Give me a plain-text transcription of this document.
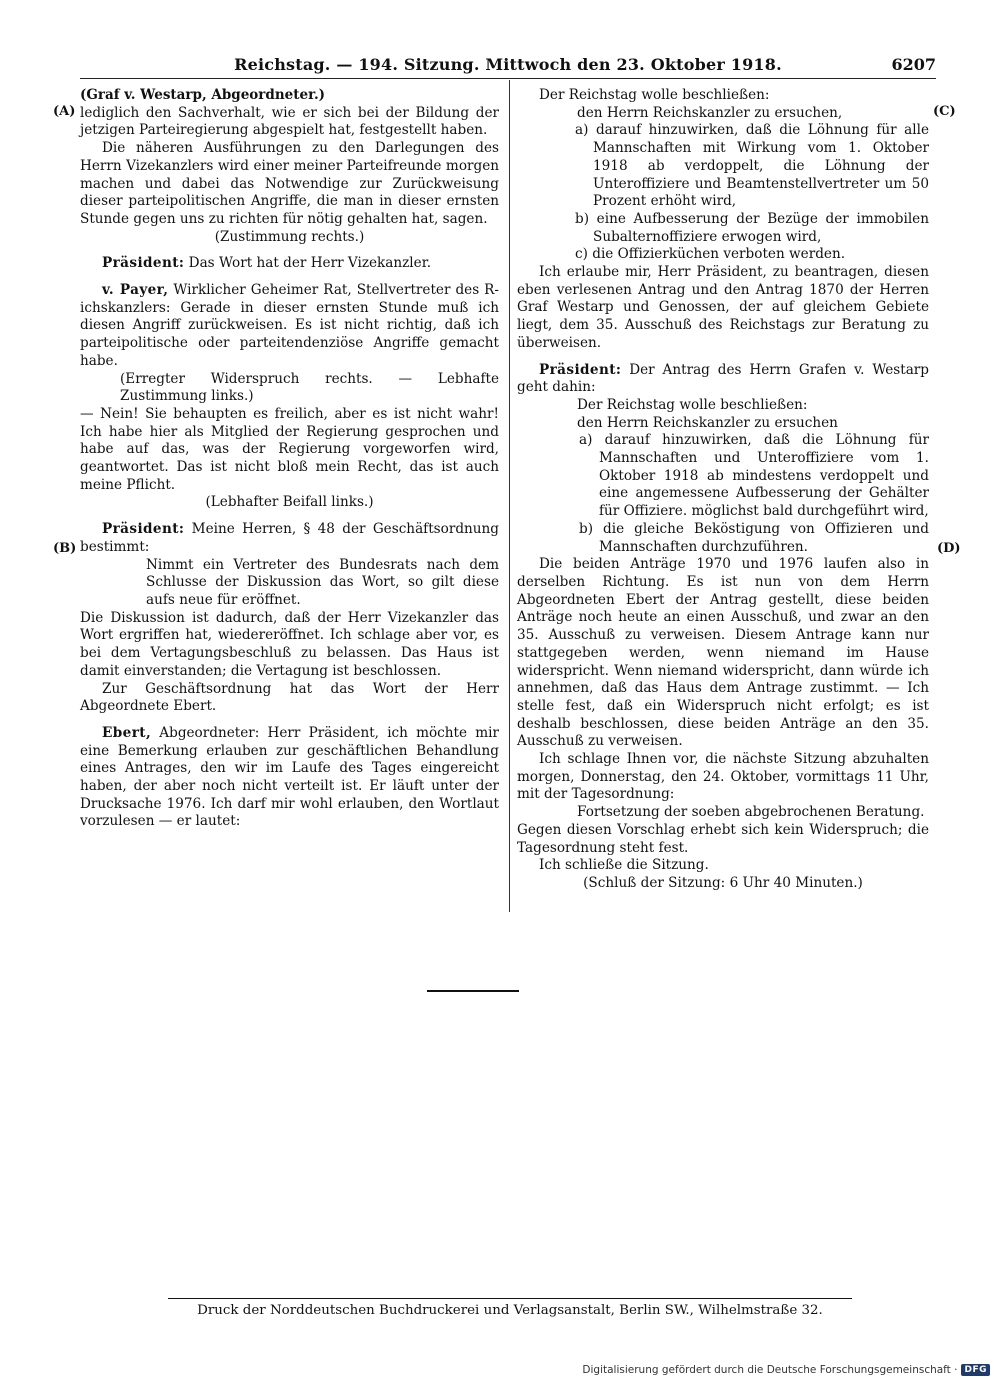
Reichstag. — 194. Sitzung. Mittwoch den 23. Oktober 1918.	6207
(A)
(B)
(C)
(D)

(Graf v. Westarp, Abgeordneter.)

lediglich den Sachverhalt, wie er sich bei der Bildung der jetzigen Parteiregierung abgespielt hat, festgestellt haben.

Die näheren Ausführungen zu den Darlegungen des Herrn Vizekanzlers wird einer meiner Parteifreunde morgen machen und dabei das Notwendige zur Zurückweisung dieser parteipolitischen Angriffe, die man in dieser ernsten Stunde gegen uns zu richten für nötig gehalten hat, sagen.

(Zustimmung rechts.)

Präsident: Das Wort hat der Herr Vizekanzler.

v. Payer, Wirklicher Geheimer Rat, Stellvertreter des R-ichskanzlers: Gerade in dieser ernsten Stunde muß ich diesen Angriff zurückweisen. Es ist nicht richtig, daß ich parteipolitische oder parteitendenziöse Angriffe gemacht habe.

(Erregter Widerspruch rechts. — Lebhafte Zustimmung links.)

— Nein! Sie behaupten es freilich, aber es ist nicht wahr! Ich habe hier als Mitglied der Regierung gesprochen und habe auf das, was der Regierung vorgeworfen wird, geantwortet. Das ist nicht bloß mein Recht, das ist auch meine Pflicht.

(Lebhafter Beifall links.)

Präsident: Meine Herren, § 48 der Geschäftsordnung bestimmt:

Nimmt ein Vertreter des Bundesrats nach dem Schlusse der Diskussion das Wort, so gilt diese aufs neue für eröffnet.

Die Diskussion ist dadurch, daß der Herr Vizekanzler das Wort ergriffen hat, wiedereröffnet. Ich schlage aber vor, es bei dem Vertagungsbeschluß zu belassen. Das Haus ist damit einverstanden; die Vertagung ist beschlossen.

Zur Geschäftsordnung hat das Wort der Herr Abgeordnete Ebert.

Ebert, Abgeordneter: Herr Präsident, ich möchte mir eine Bemerkung erlauben zur geschäftlichen Behandlung eines Antrages, den wir im Laufe des Tages eingereicht haben, der aber noch nicht verteilt ist. Er läuft unter der Drucksache 1976. Ich darf mir wohl erlauben, den Wortlaut vorzulesen — er lautet:

Der Reichstag wolle beschließen:

den Herrn Reichskanzler zu ersuchen,

a) darauf hinzuwirken, daß die Löhnung für alle Mannschaften mit Wirkung vom 1. Oktober 1918 ab verdoppelt, die Löhnung der Unteroffiziere und Beamtenstellvertreter um 50 Prozent erhöht wird,

b) eine Aufbesserung der Bezüge der immobilen Subalternoffiziere erwogen wird,

c) die Offizierküchen verboten werden.

Ich erlaube mir, Herr Präsident, zu beantragen, diesen eben verlesenen Antrag und den Antrag 1870 der Herren Graf Westarp und Genossen, der auf gleichem Gebiete liegt, dem 35. Ausschuß des Reichstags zur Beratung zu überweisen.

Präsident: Der Antrag des Herrn Grafen v. Westarp geht dahin:

Der Reichstag wolle beschließen:

den Herrn Reichskanzler zu ersuchen

a) darauf hinzuwirken, daß die Löhnung für Mannschaften und Unteroffiziere vom 1. Oktober 1918 ab mindestens verdoppelt und eine angemessene Aufbesserung der Gehälter für Offiziere. möglichst bald durchgeführt wird,

b) die gleiche Beköstigung von Offizieren und Mannschaften durchzuführen.

Die beiden Anträge 1970 und 1976 laufen also in derselben Richtung. Es ist nun von dem Herrn Abgeordneten Ebert der Antrag gestellt, diese beiden Anträge noch heute an einen Ausschuß, und zwar an den 35. Ausschuß zu verweisen. Diesem Antrage kann nur stattgegeben werden, wenn niemand im Hause widerspricht. Wenn niemand widerspricht, dann würde ich annehmen, daß das Haus dem Antrage zustimmt. — Ich stelle fest, daß ein Widerspruch nicht erfolgt; es ist deshalb beschlossen, diese beiden Anträge an den 35. Ausschuß zu verweisen.

Ich schlage Ihnen vor, die nächste Sitzung abzuhalten morgen, Donnerstag, den 24. Oktober, vormittags 11 Uhr, mit der Tagesordnung:

Fortsetzung der soeben abgebrochenen Beratung.

Gegen diesen Vorschlag erhebt sich kein Widerspruch; die Tagesordnung steht fest.

Ich schließe die Sitzung.

(Schluß der Sitzung: 6 Uhr 40 Minuten.)

Druck der Norddeutschen Buchdruckerei und Verlagsanstalt, Berlin SW., Wilhelmstraße 32.
Digitalisierung gefördert durch die Deutsche Forschungsgemeinschaft · DFG
